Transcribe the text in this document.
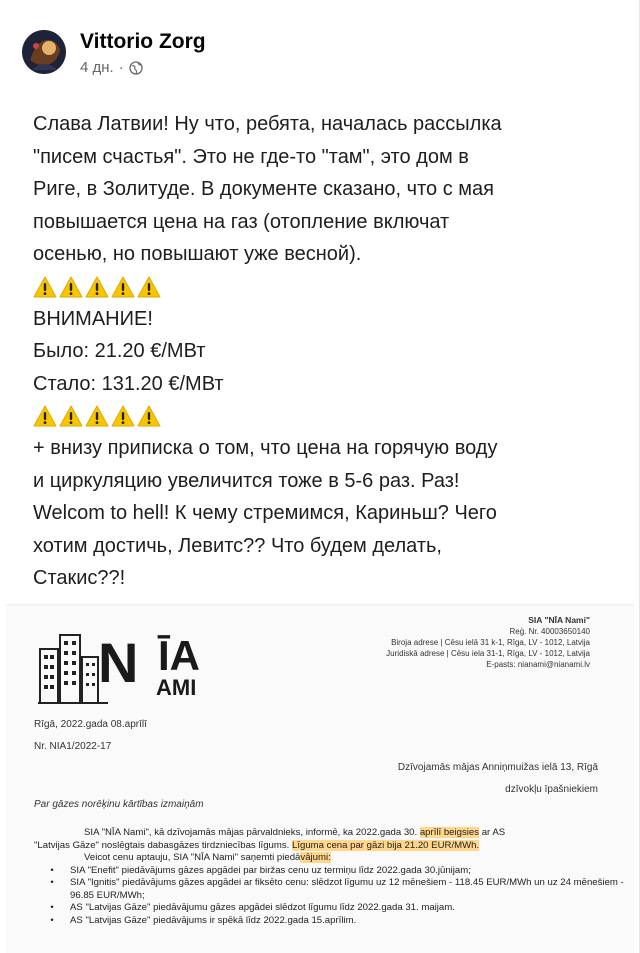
Vittorio Zorg
4 дн. ·
Слава Латвии! Ну что, ребята, началась рассылка
"писем счастья". Это не где-то "там", это дом в
Риге, в Золитуде. В документе сказано, что с мая
повышается цена на газ (отопление включат
осенью, но повышают уже весной).
ВНИМАНИЕ!
Было: 21.20 €/МВт
Стало: 131.20 €/МВт
+ внизу приписка о том, что цена на горячую воду
и циркуляцию увеличится тоже в 5-6 раз. Раз!
Welcom to hell! К чему стремимся, Кариньш? Чего
хотим достичь, Левитс?? Что будем делать,
Стакис??!
N ĪA
AMI
SIA "NĪA Nami"
Reģ. Nr. 40003650140
Biroja adrese | Cēsu ielā 31 k-1, Rīga, LV - 1012, Latvija
Juridiskā adrese | Cēsu iela 31-1, Rīga, LV - 1012, Latvija
E-pasts: nianami@nianami.lv
Rīgā, 2022.gada 08.aprīlī
Nr. NIA1/2022-17
Dzīvojamās mājas Anniņmuižas ielā 13, Rīgā
dzīvokļu īpašniekiem
Par gāzes norēķinu kārtības izmaiņām
SIA "NĪA Nami", kā dzīvojamās mājas pārvaldnieks, informē, ka 2022.gada 30. aprīlī beigsies ar AS
"Latvijas Gāze" noslēgtais dabasgāzes tirdzniecības līgums. Līguma cena par gāzi bija 21.20 EUR/MWh.
Veicot cenu aptauju, SIA "NĪA Nami" saņemti piedāvājumi:
•	SIA "Enefit" piedāvājums gāzes apgādei par biržas cenu uz termiņu līdz 2022.gada 30.jūnijam;
•	SIA "Ignitis" piedāvājums gāzes apgādei ar fiksēto cenu: slēdzot līgumu uz 12 mēnešiem - 118.45 EUR/MWh un uz 24 mēnešiem - 96.85 EUR/MWh;
•	AS "Latvijas Gāze" piedāvājumu gāzes apgādei slēdzot līgumu līdz 2022.gada 31. maijam.
•	AS "Latvijas Gāze" piedāvājums ir spēkā līdz 2022.gada 15.aprīlim.
